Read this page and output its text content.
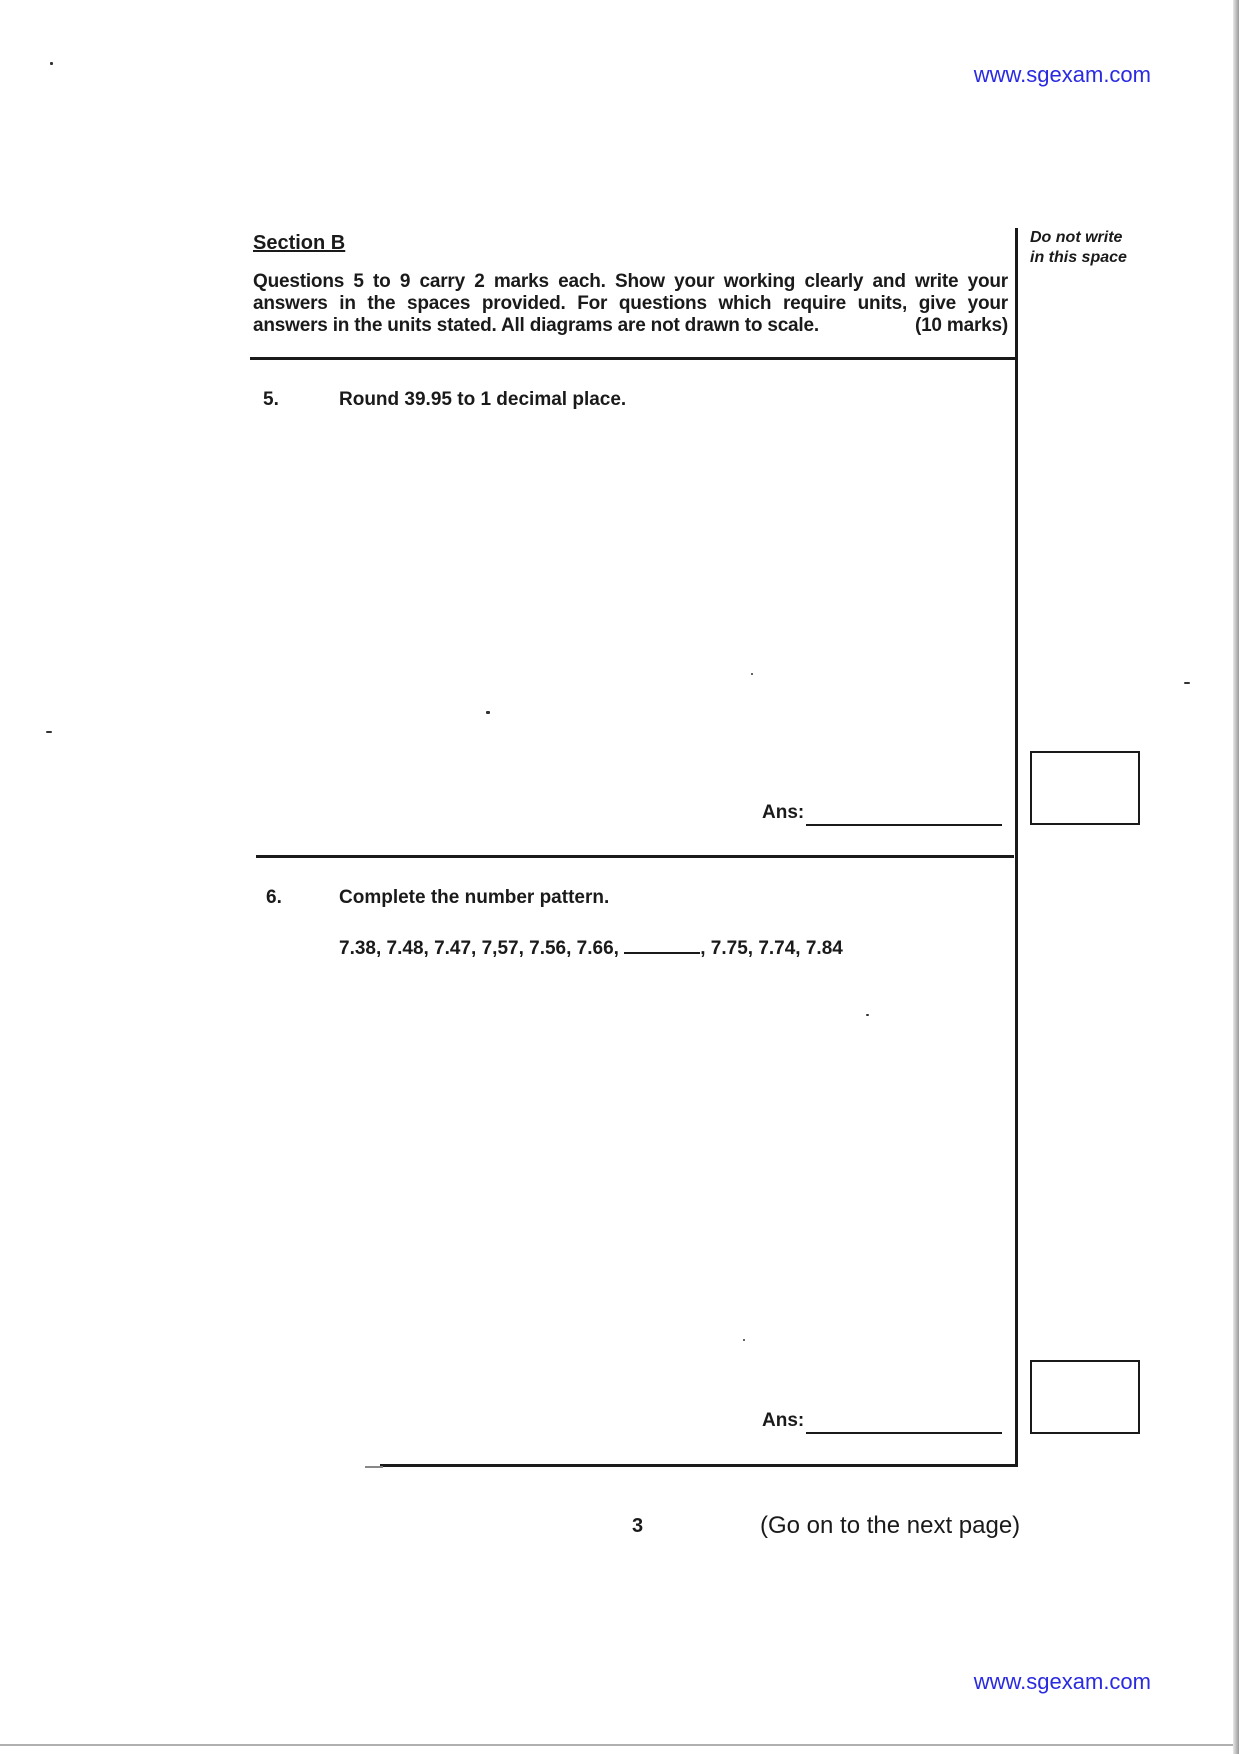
www.sgexam.com
www.sgexam.com
Section B
Questions 5 to 9 carry 2 marks each. Show your working clearly and write your answers in the spaces provided. For questions which require units, give your answers in the units stated. All diagrams are not drawn to scale.	(10 marks)
Do not write
in this space
5.	Round 39.95 to 1 decimal place.
Ans:
6.	Complete the number pattern.
7.38, 7.48, 7.47, 7,57, 7.56, 7.66,	, 7.75, 7.74, 7.84
Ans:
3	(Go on to the next page)
